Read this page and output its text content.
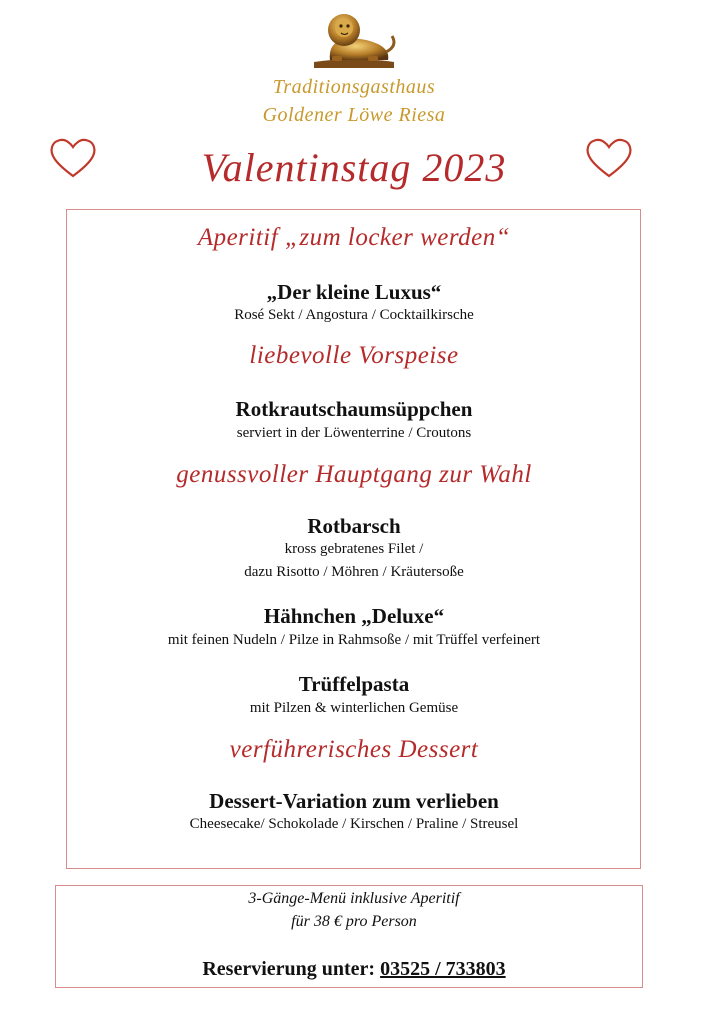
Traditionsgasthaus
Goldener Löwe Riesa
Valentinstag 2023

Aperitif „zum locker werden“

„Der kleine Luxus“

Rosé Sekt / Angostura / Cocktailkirsche

liebevolle Vorspeise

Rotkrautschaumsüppchen

serviert in der Löwenterrine / Croutons

genussvoller Hauptgang zur Wahl

Rotbarsch

kross gebratenes Filet /

dazu Risotto / Möhren / Kräutersoße

Hähnchen „Deluxe“

mit feinen Nudeln / Pilze in Rahmsoße / mit Trüffel verfeinert

Trüffelpasta

mit Pilzen & winterlichen Gemüse

verführerisches Dessert

Dessert-Variation zum verlieben

Cheesecake/ Schokolade / Kirschen / Praline / Streusel

3-Gänge-Menü inklusive Aperitif

für 38 € pro Person

Reservierung unter: 03525 / 733803
